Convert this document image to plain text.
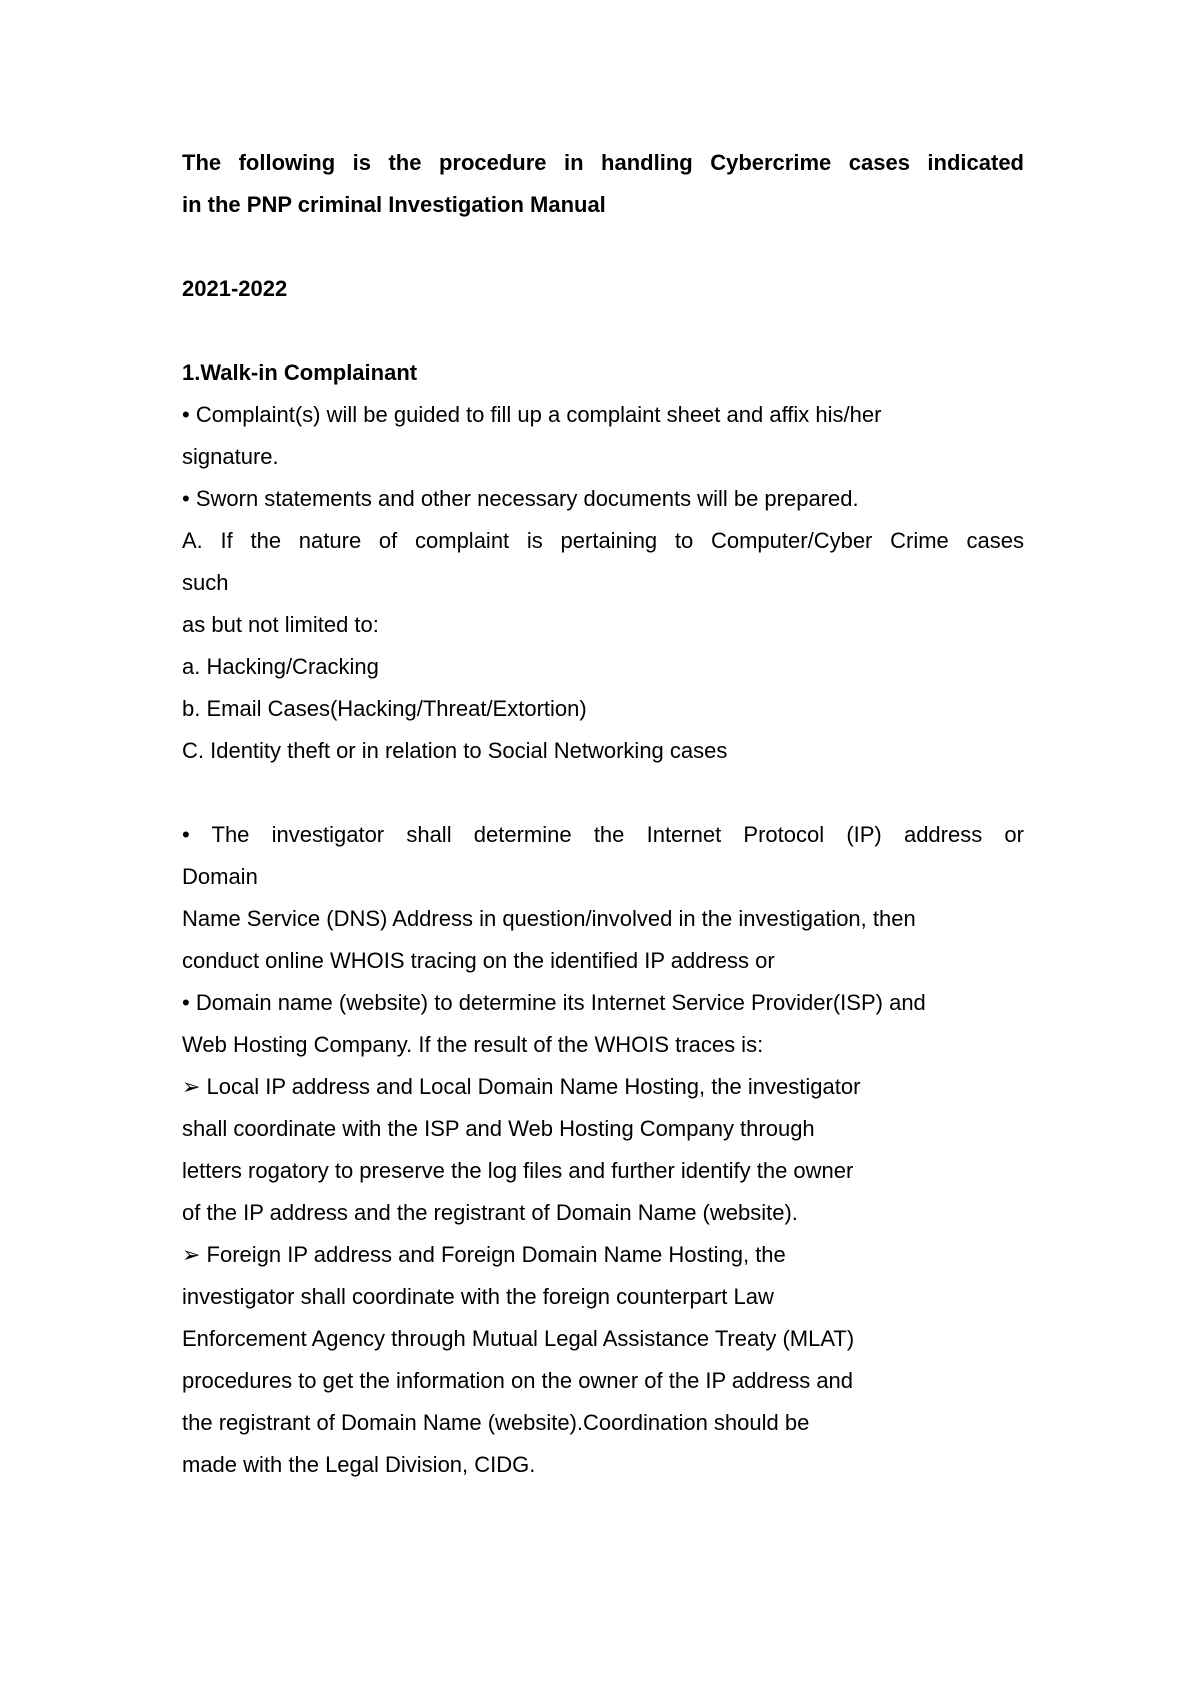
The following is the procedure in handling Cybercrime cases indicated
in the PNP criminal Investigation Manual
2021-2022
1.Walk-in Complainant
• Complaint(s) will be guided to fill up a complaint sheet and affix his/her
signature.
• Sworn statements and other necessary documents will be prepared.
A. If the nature of complaint is pertaining to Computer/Cyber Crime cases
such
as but not limited to:
a. Hacking/Cracking
b. Email Cases(Hacking/Threat/Extortion)
C. Identity theft or in relation to Social Networking cases
• The investigator shall determine the Internet Protocol (IP) address or
Domain
Name Service (DNS) Address in question/involved in the investigation, then
conduct online WHOIS tracing on the identified IP address or
• Domain name (website) to determine its Internet Service Provider(ISP) and
Web Hosting Company. If the result of the WHOIS traces is:
➢ Local IP address and Local Domain Name Hosting, the investigator
shall coordinate with the ISP and Web Hosting Company through
letters rogatory to preserve the log files and further identify the owner
of the IP address and the registrant of Domain Name (website).
➢ Foreign IP address and Foreign Domain Name Hosting, the
investigator shall coordinate with the foreign counterpart Law
Enforcement Agency through Mutual Legal Assistance Treaty (MLAT)
procedures to get the information on the owner of the IP address and
the registrant of Domain Name (website).Coordination should be
made with the Legal Division, CIDG.
